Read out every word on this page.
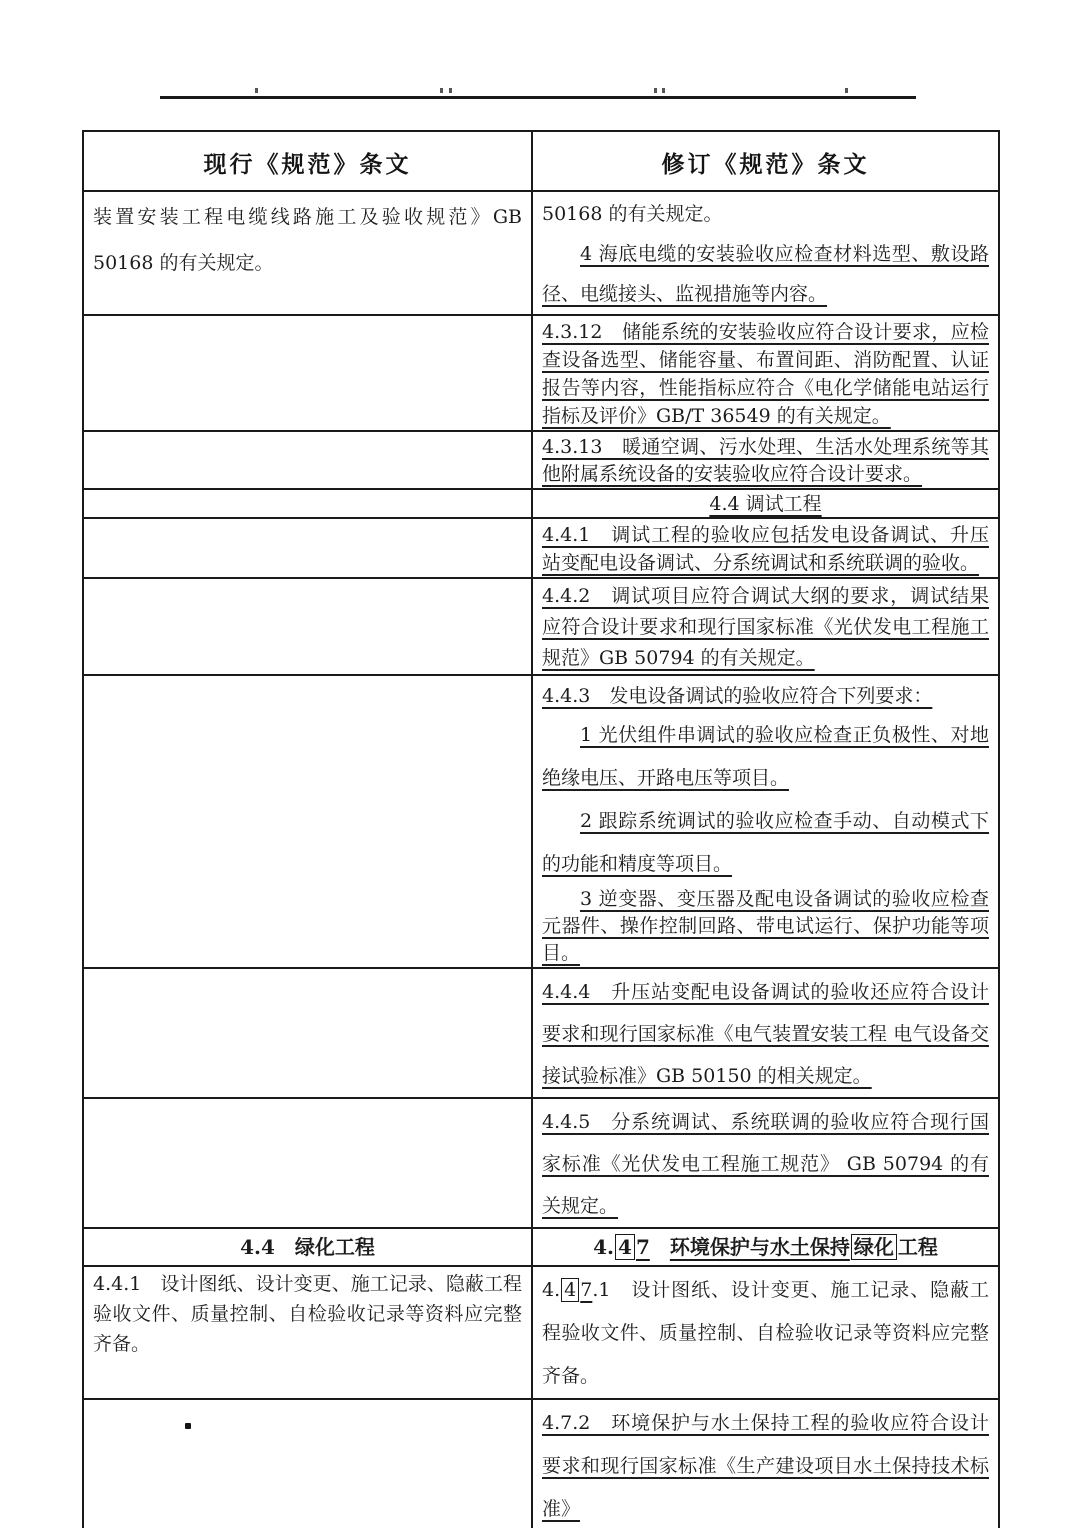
现行《规范》条文	修订《规范》条文

装置安装工程电缆线路施工及验收规范》GB 50168 的有关规定。	50168 的有关规定。

4 海底电缆的安装验收应检查材料选型、敷设路径、电缆接头、监视措施等内容。

	4.3.12　储能系统的安装验收应符合设计要求，应检查设备选型、储能容量、布置间距、消防配置、认证报告等内容，性能指标应符合《电化学储能电站运行指标及评价》GB/T 36549 的有关规定。

	4.3.13　暖通空调、污水处理、生活水处理系统等其他附属系统设备的安装验收应符合设计要求。

	4.4 调试工程

	4.4.1　调试工程的验收应包括发电设备调试、升压站变配电设备调试、分系统调试和系统联调的验收。

	4.4.2　调试项目应符合调试大纲的要求，调试结果应符合设计要求和现行国家标准《光伏发电工程施工规范》GB 50794 的有关规定。

	4.4.3　发电设备调试的验收应符合下列要求：

1 光伏组件串调试的验收应检查正负极性、对地绝缘电压、开路电压等项目。

2 跟踪系统调试的验收应检查手动、自动模式下的功能和精度等项目。

3 逆变器、变压器及配电设备调试的验收应检查元器件、操作控制回路、带电试运行、保护功能等项目。

	4.4.4　升压站变配电设备调试的验收还应符合设计要求和现行国家标准《电气装置安装工程 电气设备交接试验标准》GB 50150 的相关规定。

	4.4.5　分系统调试、系统联调的验收应符合现行国家标准《光伏发电工程施工规范》 GB 50794 的有关规定。

4.4　绿化工程	4. 4 7　 环境保护与水土保持 绿化 工程

4.4.1　设计图纸、设计变更、施工记录、隐蔽工程验收文件、质量控制、自检验收记录等资料应完整齐备。	4. 4 7.1　 设计图纸、设计变更、施工记录、隐蔽工程验收文件、质量控制、自检验收记录等资料应完整齐备。

	4.7.2　环境保护与水土保持工程的验收应符合设计要求和现行国家标准《生产建设项目水土保持技术标准》
